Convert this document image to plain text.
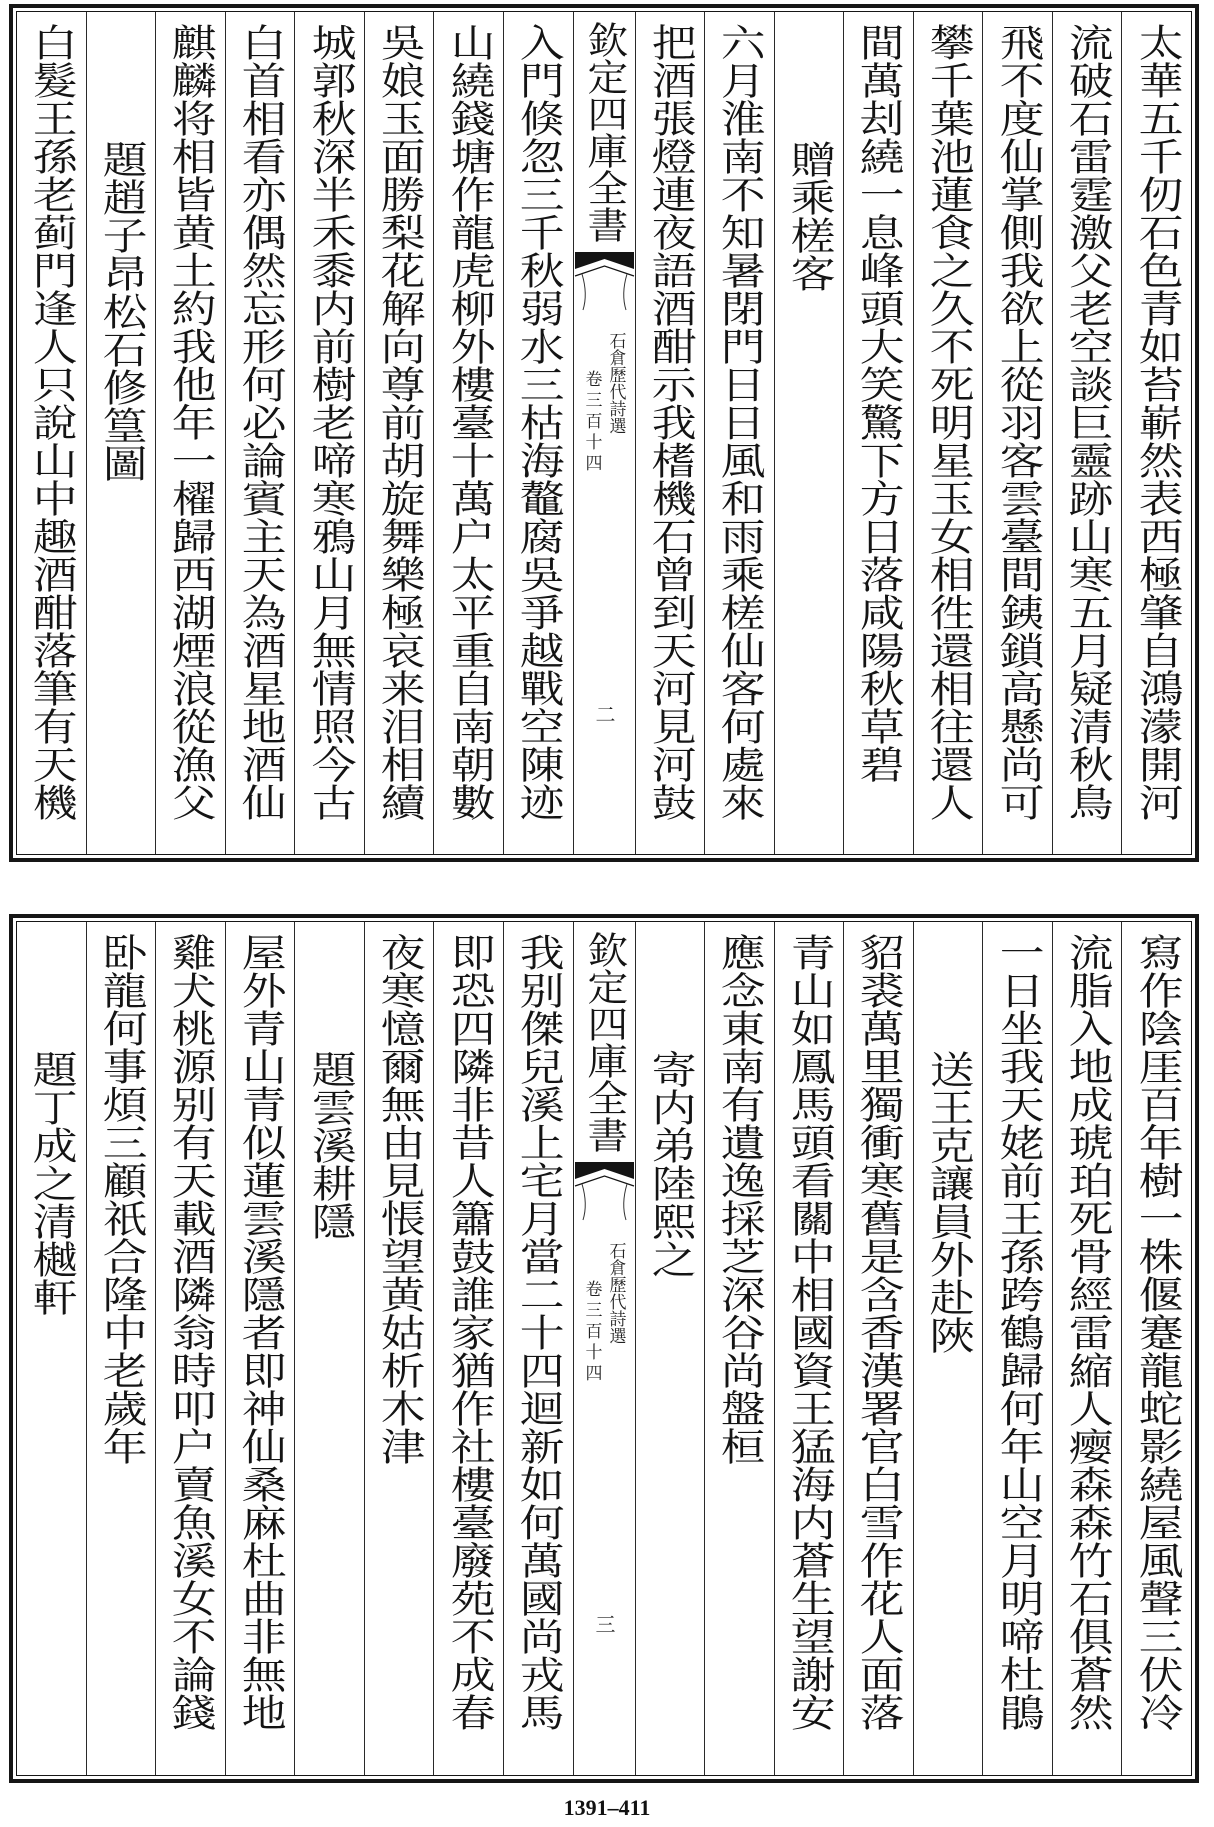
太華五千仞石色青如苔嶄然表西極肇自鴻濛開河
流破石雷霆激父老空談巨靈跡山寒五月疑清秋鳥
飛不度仙掌側我欲上從羽客雲臺間銕鎖高懸尚可
攀千葉池蓮食之久不死明星玉女相徃還相往還人
間萬刦繞一息峰頭大笑驚下方日落咸陽秋草碧
贈乘槎客
六月淮南不知暑閉門日日風和雨乘槎仙客何處來
把酒張燈連夜語酒酣示我榰機石曾到天河見河鼓
欽定四庫全書
石倉歷代詩選
卷三百十四
二
入門倏忽三千秋弱水三枯海鼇腐吳爭越戰空陳迹
山繞錢塘作龍虎柳外樓臺十萬户太平重自南朝數
吳娘玉面勝梨花解向尊前胡旋舞樂極哀来泪相續
城郭秋深半禾黍内前樹老啼寒鴉山月無情照今古
白首相看亦偶然忘形何必論賓主天為酒星地酒仙
麒麟将相皆黄土約我他年一櫂歸西湖煙浪從漁父
題趙子昂松石修篁圖
白髮王孫老蓟門逢人只說山中趣酒酣落筆有天機
寫作陰厓百年樹一株偃蹇龍蛇影繞屋風聲三伏冷
流脂入地成琥珀死骨經雷縮人瘿森森竹石俱蒼然
一日坐我天姥前王孫跨鶴歸何年山空月明啼杜鵑
送王克讓員外赴陜
貂裘萬里獨衝寒舊是含香漢署官白雪作花人面落
青山如鳳馬頭看關中相國資王猛海内蒼生望謝安
應念東南有遺逸採芝深谷尚盤桓
寄内弟陸熙之
欽定四庫全書
石倉歷代詩選
卷三百十四
三
我别傑兒溪上宅月當二十四迴新如何萬國尚戎馬
即恐四隣非昔人簫鼓誰家猶作社樓臺廢苑不成春
夜寒憶爾無由見悵望黄姑析木津
題雲溪耕隱
屋外青山青似蓮雲溪隱者即神仙桑麻杜曲非無地
雞犬桃源别有天載酒隣翁時叩户賣魚溪女不論錢
卧龍何事煩三顧祇合隆中老歲年
題丁成之清樾軒
1391–411
